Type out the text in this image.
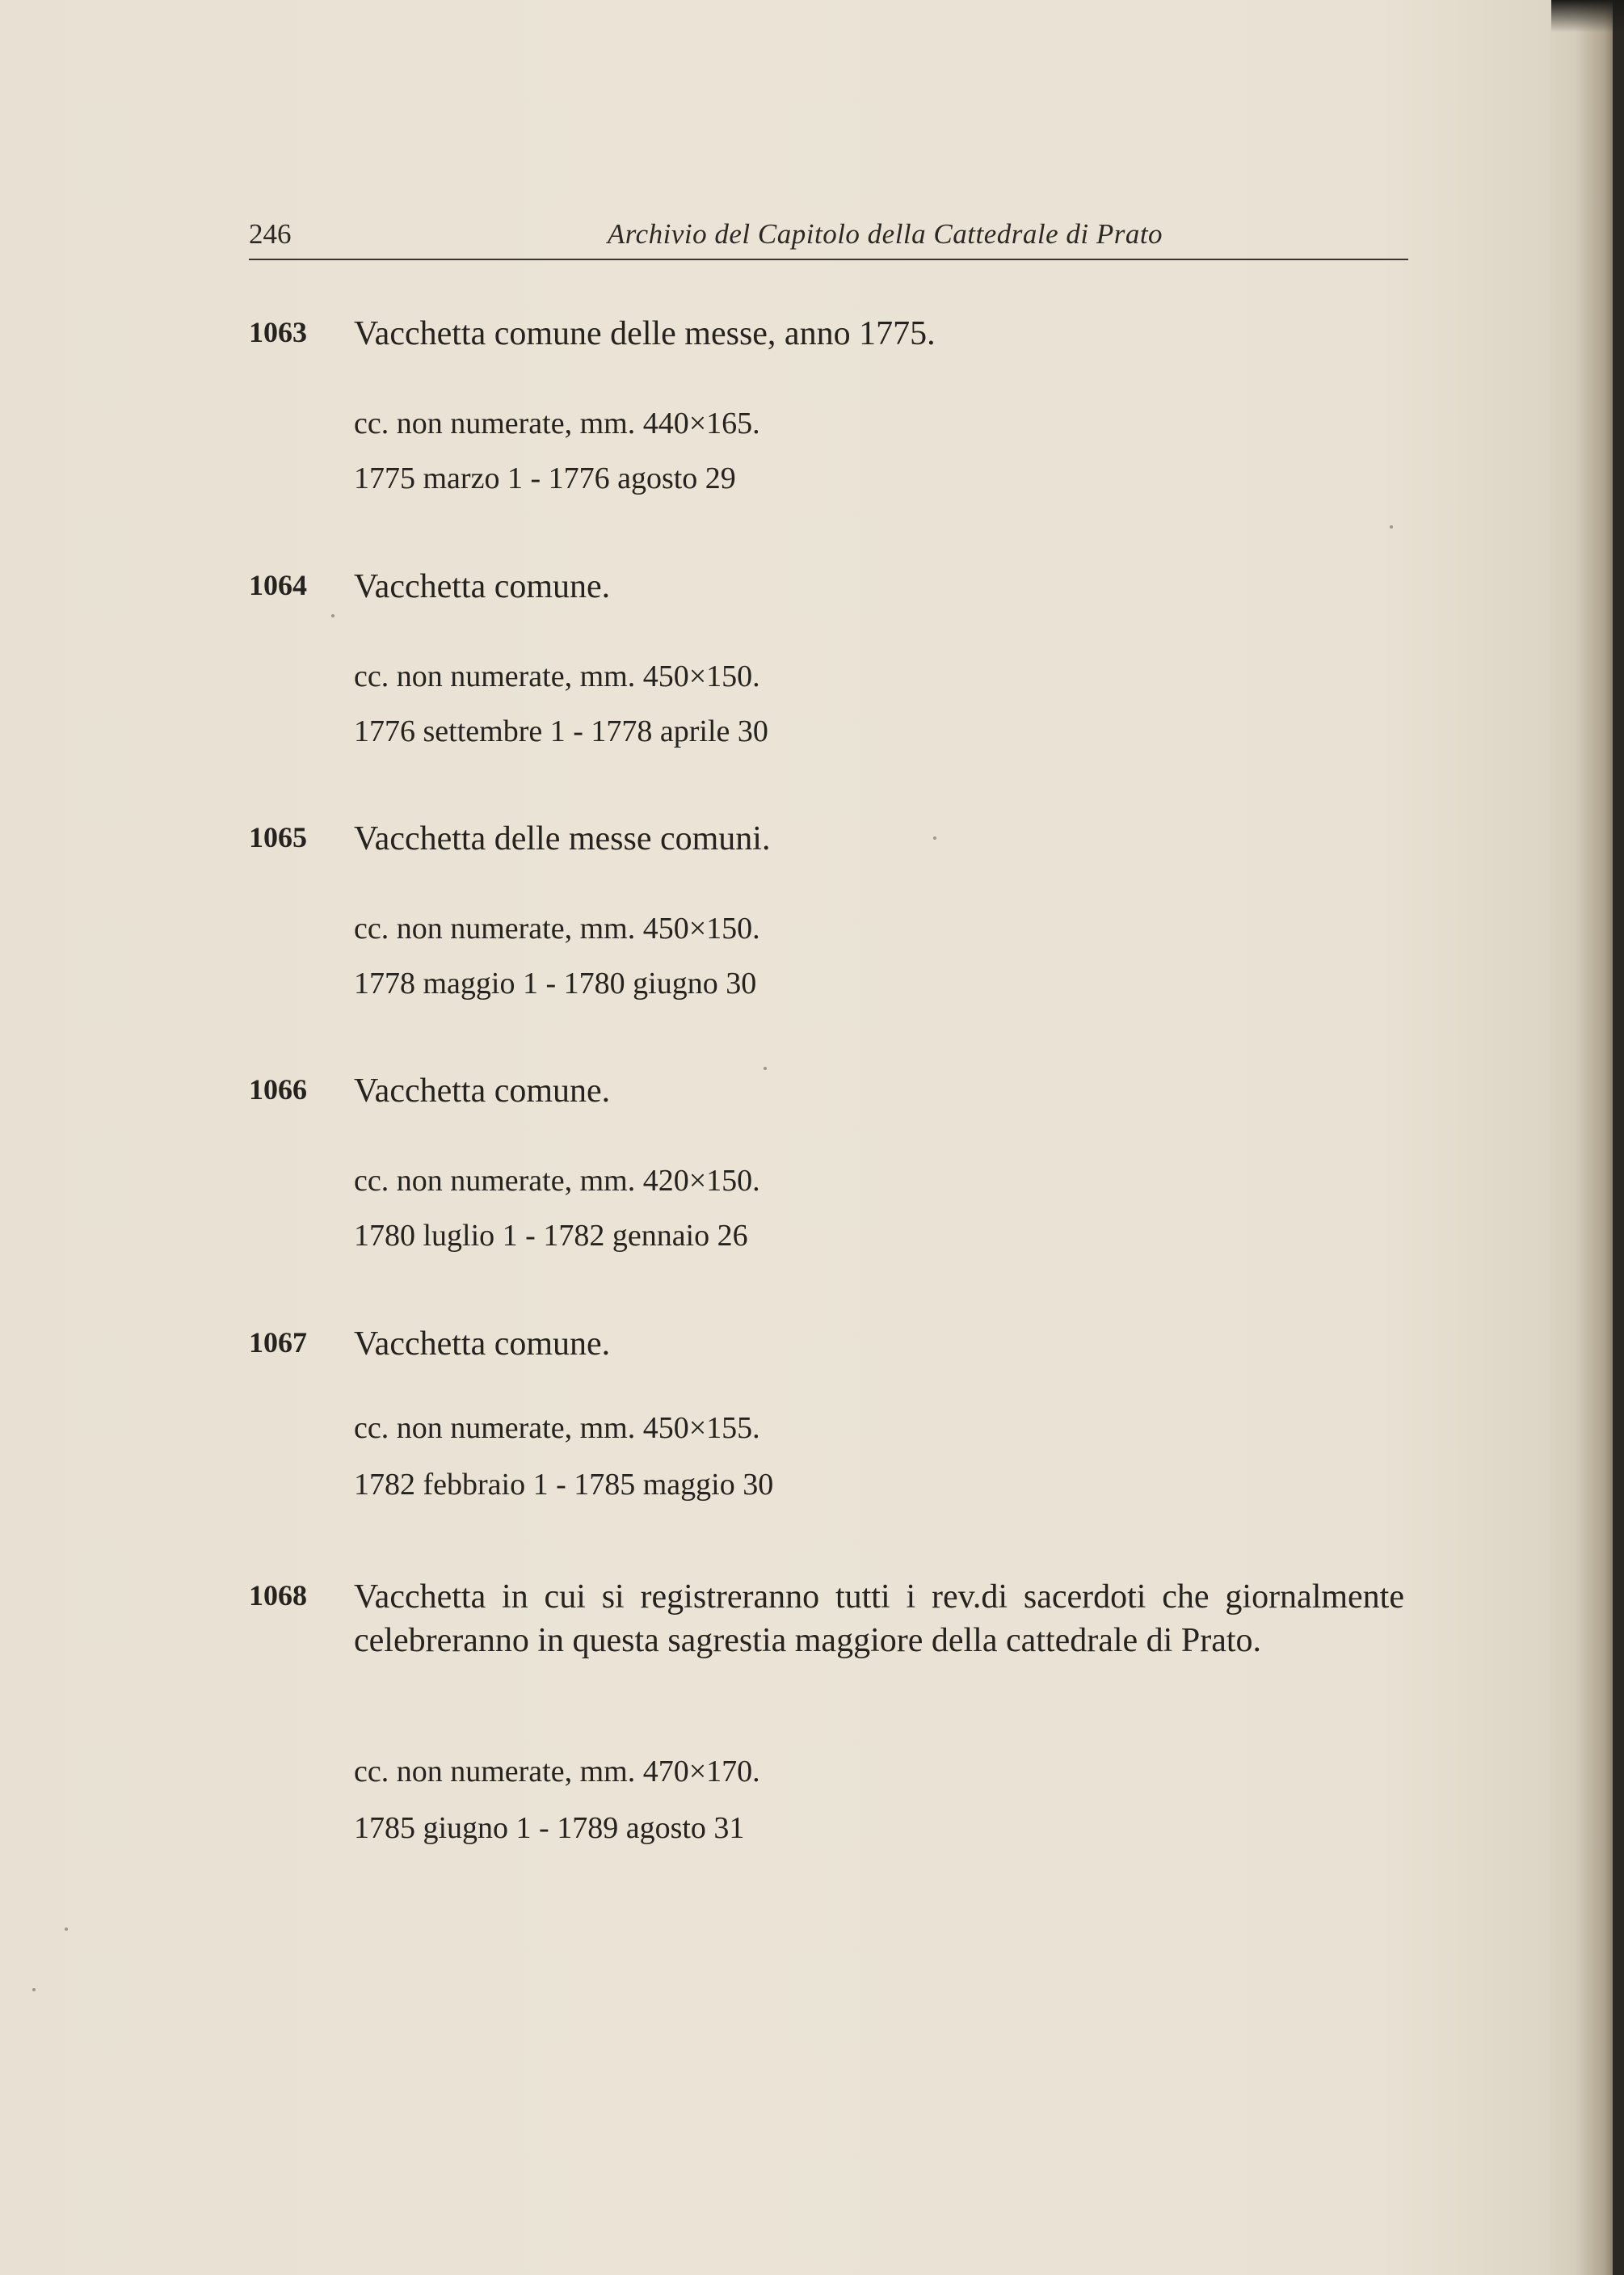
246	Archivio del Capitolo della Cattedrale di Prato
1063 Vacchetta comune delle messe, anno 1775.
cc. non numerate, mm. 440×165.
1775 marzo 1 - 1776 agosto 29
1064 Vacchetta comune.
cc. non numerate, mm. 450×150.
1776 settembre 1 - 1778 aprile 30
1065 Vacchetta delle messe comuni.
cc. non numerate, mm. 450×150.
1778 maggio 1 - 1780 giugno 30
1066 Vacchetta comune.
cc. non numerate, mm. 420×150.
1780 luglio 1 - 1782 gennaio 26
1067 Vacchetta comune.
cc. non numerate, mm. 450×155.
1782 febbraio 1 - 1785 maggio 30
1068 Vacchetta in cui si registreranno tutti i rev.di sacerdoti che giornalmente celebreranno in questa sagrestia maggiore della cattedrale di Prato.
cc. non numerate, mm. 470×170.
1785 giugno 1 - 1789 agosto 31
